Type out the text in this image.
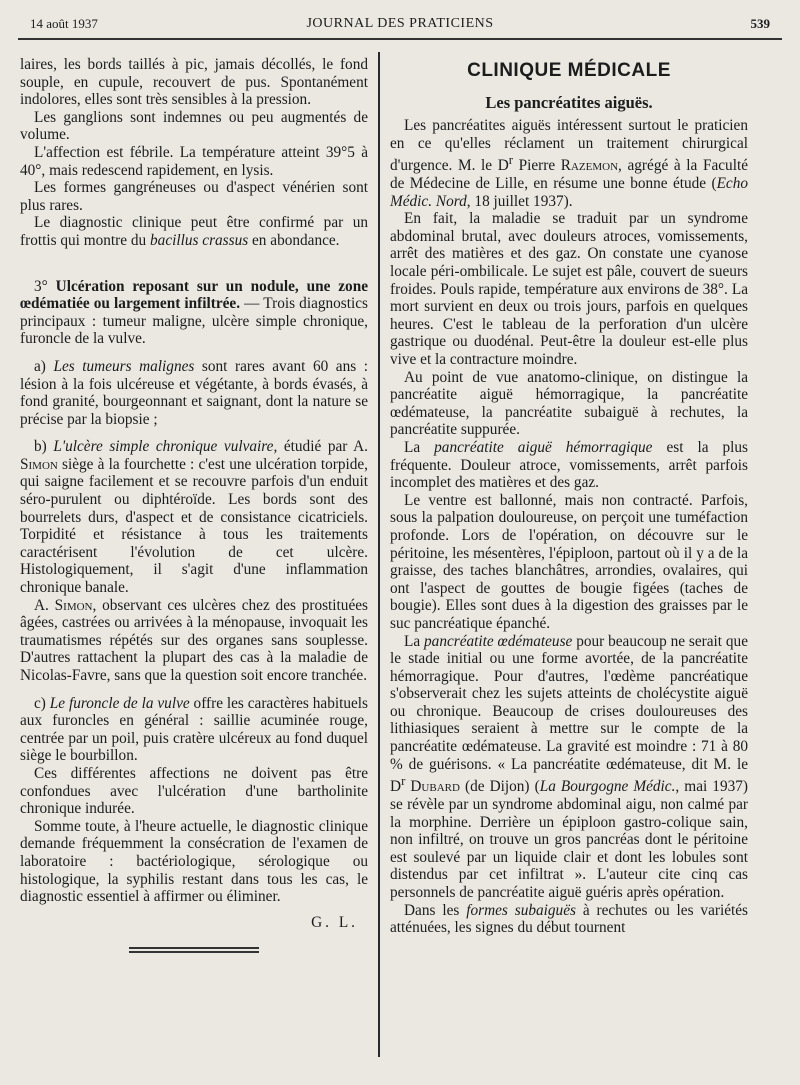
14 août 1937	JOURNAL DES PRATICIENS	539

laires, les bords taillés à pic, jamais décollés, le fond souple, en cupule, recouvert de pus. Spontanément indolores, elles sont très sensibles à la pression.

Les ganglions sont indemnes ou peu augmentés de volume.

L'affection est fébrile. La température atteint 39°5 à 40°, mais redescend rapidement, en lysis.

Les formes gangréneuses ou d'aspect vénérien sont plus rares.

Le diagnostic clinique peut être confirmé par un frottis qui montre du bacillus crassus en abondance.

3° Ulcération reposant sur un nodule, une zone œdématiée ou largement infiltrée. — Trois diagnostics principaux : tumeur maligne, ulcère simple chronique, furoncle de la vulve.

a) Les tumeurs malignes sont rares avant 60 ans : lésion à la fois ulcéreuse et végétante, à bords évasés, à fond granité, bourgeonnant et saignant, dont la nature se précise par la biopsie ;

b) L'ulcère simple chronique vulvaire, étudié par A. Simon siège à la fourchette : c'est une ulcération torpide, qui saigne facilement et se recouvre parfois d'un enduit séro-purulent ou diphtéroïde. Les bords sont des bourrelets durs, d'aspect et de consistance cicatriciels. Torpidité et résistance à tous les traitements caractérisent l'évolution de cet ulcère. Histologiquement, il s'agit d'une inflammation chronique banale.

A. Simon, observant ces ulcères chez des prostituées âgées, castrées ou arrivées à la ménopause, invoquait les traumatismes répétés sur des organes sans souplesse. D'autres rattachent la plupart des cas à la maladie de Nicolas-Favre, sans que la question soit encore tranchée.

c) Le furoncle de la vulve offre les caractères habituels aux furoncles en général : saillie acuminée rouge, centrée par un poil, puis cratère ulcéreux au fond duquel siège le bourbillon.

Ces différentes affections ne doivent pas être confondues avec l'ulcération d'une bartholinite chronique indurée.

Somme toute, à l'heure actuelle, le diagnostic clinique demande fréquemment la consécration de l'examen de laboratoire : bactériologique, sérologique ou histologique, la syphilis restant dans tous les cas, le diagnostic essentiel à affirmer ou éliminer.

G. L.

CLINIQUE MÉDICALE

Les pancréatites aiguës.

Les pancréatites aiguës intéressent surtout le praticien en ce qu'elles réclament un traitement chirurgical d'urgence. M. le $D^r$ Pierre Razemon, agrégé à la Faculté de Médecine de Lille, en résume une bonne étude (Echo Médic. Nord, 18 juillet 1937).

En fait, la maladie se traduit par un syndrome abdominal brutal, avec douleurs atroces, vomissements, arrêt des matières et des gaz. On constate une cyanose locale péri-ombilicale. Le sujet est pâle, couvert de sueurs froides. Pouls rapide, température aux environs de 38°. La mort survient en deux ou trois jours, parfois en quelques heures. C'est le tableau de la perforation d'un ulcère gastrique ou duodénal. Peut-être la douleur est-elle plus vive et la contracture moindre.

Au point de vue anatomo-clinique, on distingue la pancréatite aiguë hémorragique, la pancréatite œdémateuse, la pancréatite subaiguë à rechutes, la pancréatite suppurée.

La pancréatite aiguë hémorragique est la plus fréquente. Douleur atroce, vomissements, arrêt parfois incomplet des matières et des gaz.

Le ventre est ballonné, mais non contracté. Parfois, sous la palpation douloureuse, on perçoit une tuméfaction profonde. Lors de l'opération, on découvre sur le péritoine, les mésentères, l'épiploon, partout où il y a de la graisse, des taches blanchâtres, arrondies, ovalaires, qui ont l'aspect de gouttes de bougie figées (taches de bougie). Elles sont dues à la digestion des graisses par le suc pancréatique épanché.

La pancréatite œdémateuse pour beaucoup ne serait que le stade initial ou une forme avortée, de la pancréatite hémorragique. Pour d'autres, l'œdème pancréatique s'observerait chez les sujets atteints de cholécystite aiguë ou chronique. Beaucoup de crises douloureuses des lithiasiques seraient à mettre sur le compte de la pancréatite œdémateuse. La gravité est moindre : 71 à 80 % de guérisons. « La pancréatite œdémateuse, dit M. le $D^r$ Dubard (de Dijon) (La Bourgogne Médic., mai 1937) se révèle par un syndrome abdominal aigu, non calmé par la morphine. Derrière un épiploon gastro-colique sain, non infiltré, on trouve un gros pancréas dont le péritoine est soulevé par un liquide clair et dont les lobules sont distendus par cet infiltrat ». L'auteur cite cinq cas personnels de pancréatite aiguë guéris après opération.

Dans les formes subaiguës à rechutes ou les variétés atténuées, les signes du début tournent
